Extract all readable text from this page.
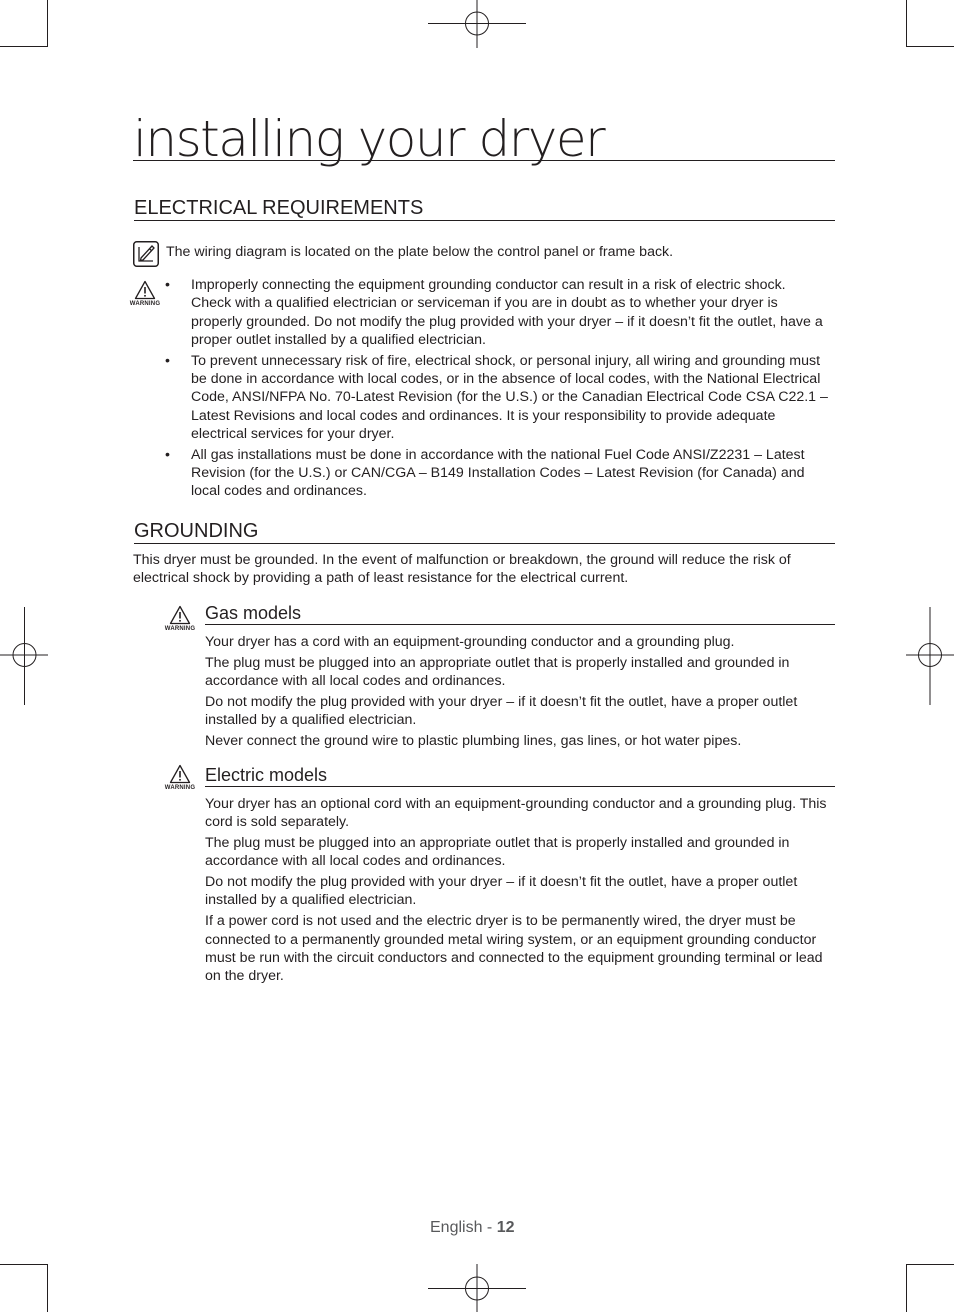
installing your dryer
ELECTRICAL REQUIREMENTS
The wiring diagram is located on the plate below the control panel or frame back.
WARNING
• Improperly connecting the equipment grounding conductor can result in a risk of electric shock. Check with a qualified electrician or serviceman if you are in doubt as to whether your dryer is properly grounded. Do not modify the plug provided with your dryer – if it doesn’t fit the outlet, have a proper outlet installed by a qualified electrician.
• To prevent unnecessary risk of fire, electrical shock, or personal injury, all wiring and grounding must be done in accordance with local codes, or in the absence of local codes, with the National Electrical Code, ANSI/NFPA No. 70-Latest Revision (for the U.S.) or the Canadian Electrical Code CSA C22.1 – Latest Revisions and local codes and ordinances. It is your responsibility to provide adequate electrical services for your dryer.
• All gas installations must be done in accordance with the national Fuel Code ANSI/Z2231 – Latest Revision (for the U.S.) or CAN/CGA – B149 Installation Codes – Latest Revision (for Canada) and local codes and ordinances.
GROUNDING
This dryer must be grounded. In the event of malfunction or breakdown, the ground will reduce the risk of electrical shock by providing a path of least resistance for the electrical current.
WARNING
Gas models

Your dryer has a cord with an equipment-grounding conductor and a grounding plug.

The plug must be plugged into an appropriate outlet that is properly installed and grounded in accordance with all local codes and ordinances.

Do not modify the plug provided with your dryer – if it doesn’t fit the outlet, have a proper outlet installed by a qualified electrician.

Never connect the ground wire to plastic plumbing lines, gas lines, or hot water pipes.

WARNING
Electric models

Your dryer has an optional cord with an equipment-grounding conductor and a grounding plug. This cord is sold separately.

The plug must be plugged into an appropriate outlet that is properly installed and grounded in accordance with all local codes and ordinances.

Do not modify the plug provided with your dryer – if it doesn’t fit the outlet, have a proper outlet installed by a qualified electrician.

If a power cord is not used and the electric dryer is to be permanently wired, the dryer must be connected to a permanently grounded metal wiring system, or an equipment grounding conductor must be run with the circuit conductors and connected to the equipment grounding terminal or lead on the dryer.

English - 12
